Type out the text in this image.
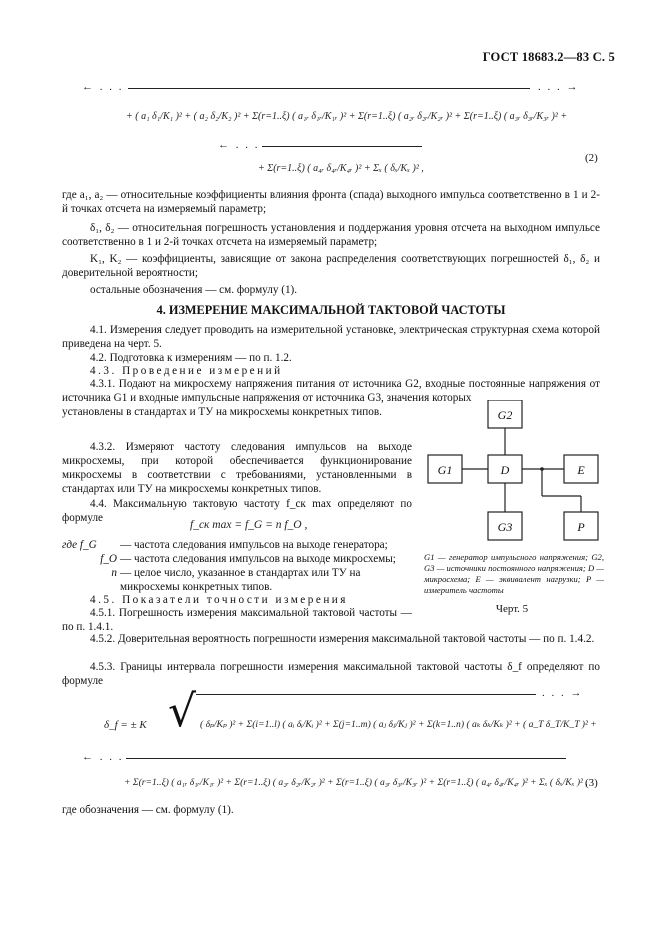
ГОСТ 18683.2—83 С. 5
← . . .	. . . →
+ ( a₁ δ₁/K₁ )² + ( a₂ δ₂/K₂ )² + Σ(r=1..ξ) ( a₁ᵣ δ₁ᵣ/K₁ᵣ )² + Σ(r=1..ξ) ( a₂ᵣ δ₂ᵣ/K₂ᵣ )² + Σ(r=1..ξ) ( a₃ᵣ δ₃ᵣ/K₃ᵣ )² +
← . . .
+ Σ(r=1..ξ) ( a₄ᵣ δ₄ᵣ/K₄ᵣ )² + Σₓ ( δₓ/Kₓ )² ,
(2)
где a₁, a₂ — относительные коэффициенты влияния фронта (спада) выходного импульса соответственно в 1 и 2-й точках отсчета на измеряемый параметр;
δ₁, δ₂ — относительная погрешность установления и поддержания уровня отсчета на выходном импульсе соответственно в 1 и 2-й точках отсчета на измеряемый параметр;
K₁, K₂ — коэффициенты, зависящие от закона распределения соответствующих погрешностей δ₁, δ₂ и доверительной вероятности;
остальные обозначения — см. формулу (1).
4. ИЗМЕРЕНИЕ МАКСИМАЛЬНОЙ ТАКТОВОЙ ЧАСТОТЫ
4.1. Измерения следует проводить на измерительной установке, электрическая структурная схема которой приведена на черт. 5.
4.2. Подготовка к измерениям — по п. 1.2.
4.3. Проведение измерений
4.3.1. Подают на микросхему напряжения питания от источника G2, входные постоянные напряжения от источника G1 и входные импульсные напряжения от источника G3, значения которых
установлены в стандартах и ТУ на микросхемы конкретных типов.
4.3.2. Измеряют частоту следования импульсов на выходе микросхемы, при которой обеспечивается функционирование микросхемы в соответствии с требованиями, установленными в стандартах или ТУ на микросхемы конкретных типов.
4.4. Максимальную тактовую частоту f_ск max определяют по формуле
f_ск max = f_G = n f_O ,
где f_G	— частота следования импульсов на выходе генератора;
f_O — частота следования импульсов на выходе микросхемы;
n — целое число, указанное в стандартах или ТУ на микросхемы конкретных типов.
4.5. Показатели точности измерения
4.5.1. Погрешность измерения максимальной тактовой частоты — по п. 1.4.1.
G2
G1	D	E
G3	P
G1 — генератор импульсного напряжения; G2, G3 — источники постоянного напряжения; D — микросхема; E — эквивалент нагрузки; P — измеритель частоты
Черт. 5
4.5.2. Доверительная вероятность погрешности измерения максимальной тактовой частоты — по п. 1.4.2.
4.5.3. Границы интервала погрешности измерения максимальной тактовой частоты δ_f определяют по формуле
√	. . . →
δ_f = ± K	( δₚ/Kₚ )² + Σ(i=1..l) ( aᵢ δᵢ/Kᵢ )² + Σ(j=1..m) ( aⱼ δⱼ/Kⱼ )² + Σ(k=1..n) ( aₖ δₖ/Kₖ )² + ( a_T δ_T/K_T )² +
← . . .
+ Σ(r=1..ξ) ( a₁ᵣ δ₁ᵣ/K₁ᵣ )² + Σ(r=1..ξ) ( a₂ᵣ δ₂ᵣ/K₂ᵣ )² + Σ(r=1..ξ) ( a₃ᵣ δ₃ᵣ/K₃ᵣ )² + Σ(r=1..ξ) ( a₄ᵣ δ₄ᵣ/K₄ᵣ )² + Σₓ ( δₓ/Kₓ )² ,
(3)
где обозначения — см. формулу (1).
